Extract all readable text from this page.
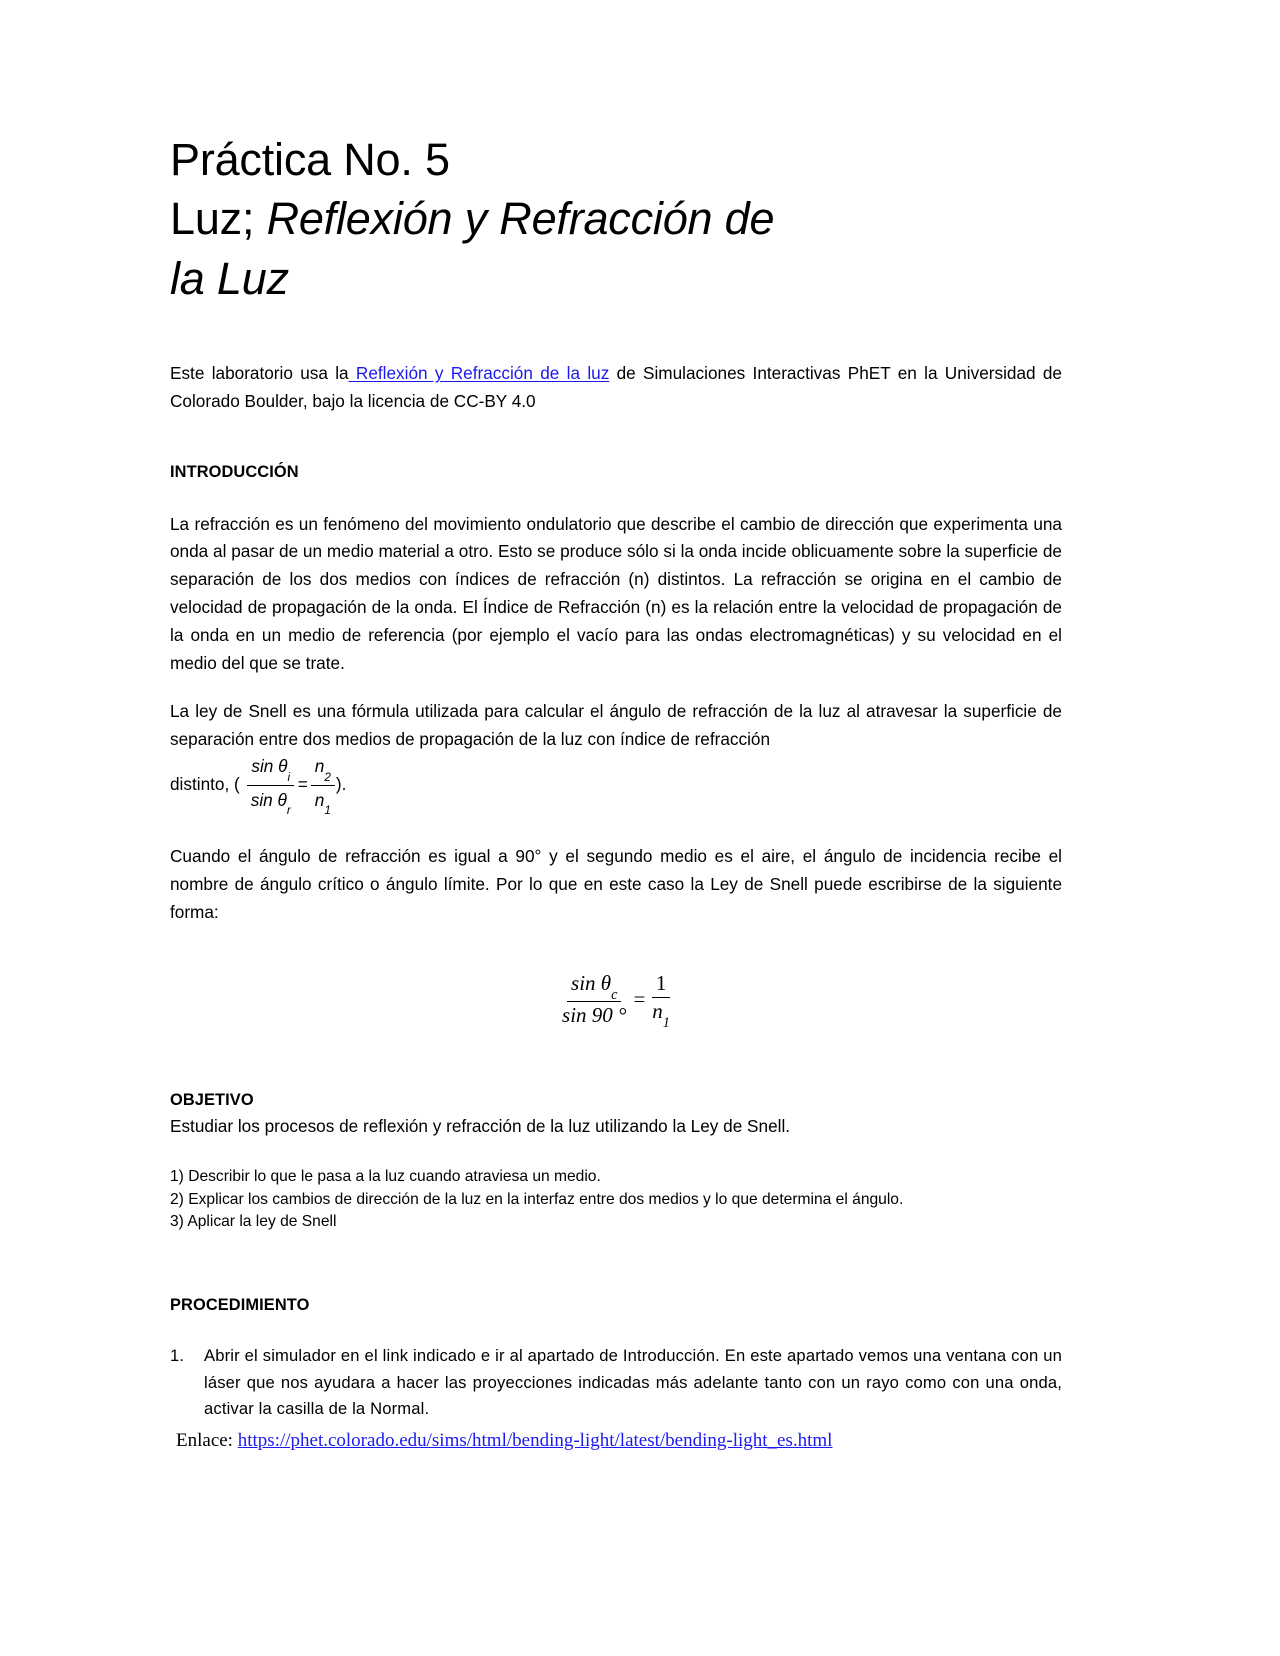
Práctica No. 5
Luz; Reflexión y Refracción de
la Luz

Este laboratorio usa la Reflexión y Refracción de la luz de Simulaciones Interactivas PhET en la Universidad de Colorado Boulder, bajo la licencia de CC-BY 4.0

INTRODUCCIÓN

La refracción es un fenómeno del movimiento ondulatorio que describe el cambio de dirección que experimenta una onda al pasar de un medio material a otro. Esto se produce sólo si la onda incide oblicuamente sobre la superficie de separación de los dos medios con índices de refracción (n) distintos. La refracción se origina en el cambio de velocidad de propagación de la onda. El Índice de Refracción (n) es la relación entre la velocidad de propagación de la onda en un medio de referencia (por ejemplo el vacío para las ondas electromagnéticas) y su velocidad en el medio del que se trate.

La ley de Snell es una fórmula utilizada para calcular el ángulo de refracción de la luz al atravesar la superficie de separación entre dos medios de propagación de la luz con índice de refracción

distinto, ( $\frac{\sin \theta_i}{\sin \theta_r} = \frac{n_2}{n_1}$ ).

Cuando el ángulo de refracción es igual a 90° y el segundo medio es el aire, el ángulo de incidencia recibe el nombre de ángulo crítico o ángulo límite. Por lo que en este caso la Ley de Snell puede escribirse de la siguiente forma:

$\frac{\sin \theta_c}{\sin 90 ^\circ} = \frac{1}{n_1}$

OBJETIVO

Estudiar los procesos de reflexión y refracción de la luz utilizando la Ley de Snell.

1) Describir lo que le pasa a la luz cuando atraviesa un medio.
2) Explicar los cambios de dirección de la luz en la interfaz entre dos medios y lo que determina el ángulo.
3) Aplicar la ley de Snell

PROCEDIMIENTO

1.	Abrir el simulador en el link indicado e ir al apartado de Introducción. En este apartado vemos una ventana con un láser que nos ayudara a hacer las proyecciones indicadas más adelante tanto con un rayo como con una onda, activar la casilla de la Normal.
Enlace: https://phet.colorado.edu/sims/html/bending-light/latest/bending-light_es.html
